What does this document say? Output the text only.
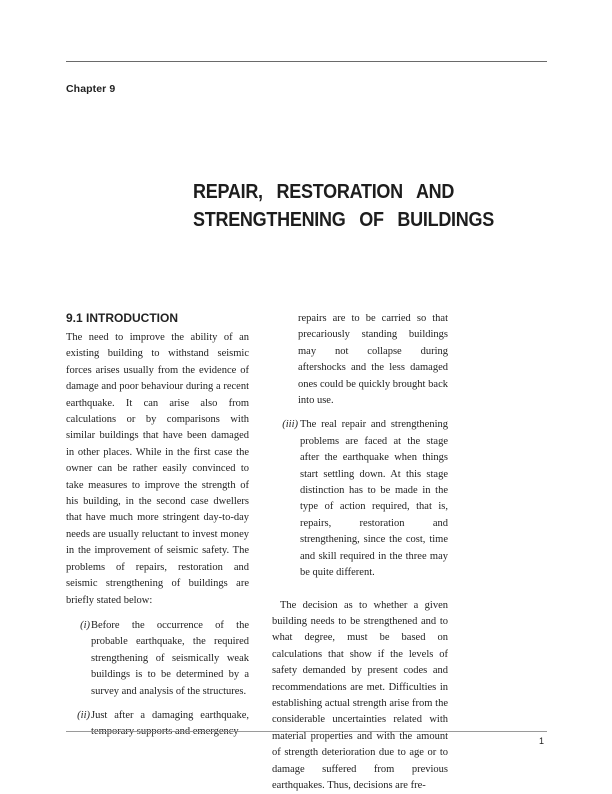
Chapter 9
REPAIR, RESTORATION AND
STRENGTHENING OF BUILDINGS
9.1 INTRODUCTION

The need to improve the ability of an existing building to withstand seismic forces arises usually from the evidence of damage and poor behaviour during a recent earthquake. It can arise also from calculations or by comparisons with similar buildings that have been damaged in other places. While in the first case the owner can be rather easily convinced to take measures to improve the strength of his building, in the second case dwellers that have much more stringent day-to-day needs are usually reluctant to invest money in the improvement of seismic safety. The problems of repairs, restoration and seismic strengthening of buildings are briefly stated below:

(i) Before the occurrence of the probable earthquake, the required strengthening of seismically weak buildings is to be determined by a survey and analysis of the structures.
(ii) Just after a damaging earthquake, temporary supports and emergency
repairs are to be carried so that precariously standing buildings may not collapse during aftershocks and the less damaged ones could be quickly brought back into use.
(iii) The real repair and strengthening problems are faced at the stage after the earthquake when things start settling down. At this stage distinction has to be made in the type of action required, that is, repairs, restoration and strengthening, since the cost, time and skill required in the three may be quite different.

The decision as to whether a given building needs to be strengthened and to what degree, must be based on calculations that show if the levels of safety demanded by present codes and recommendations are met. Difficulties in establishing actual strength arise from the considerable uncertainties related with material properties and with the amount of strength deterioration due to age or to damage suffered from previous earthquakes. Thus, decisions are fre-

1
